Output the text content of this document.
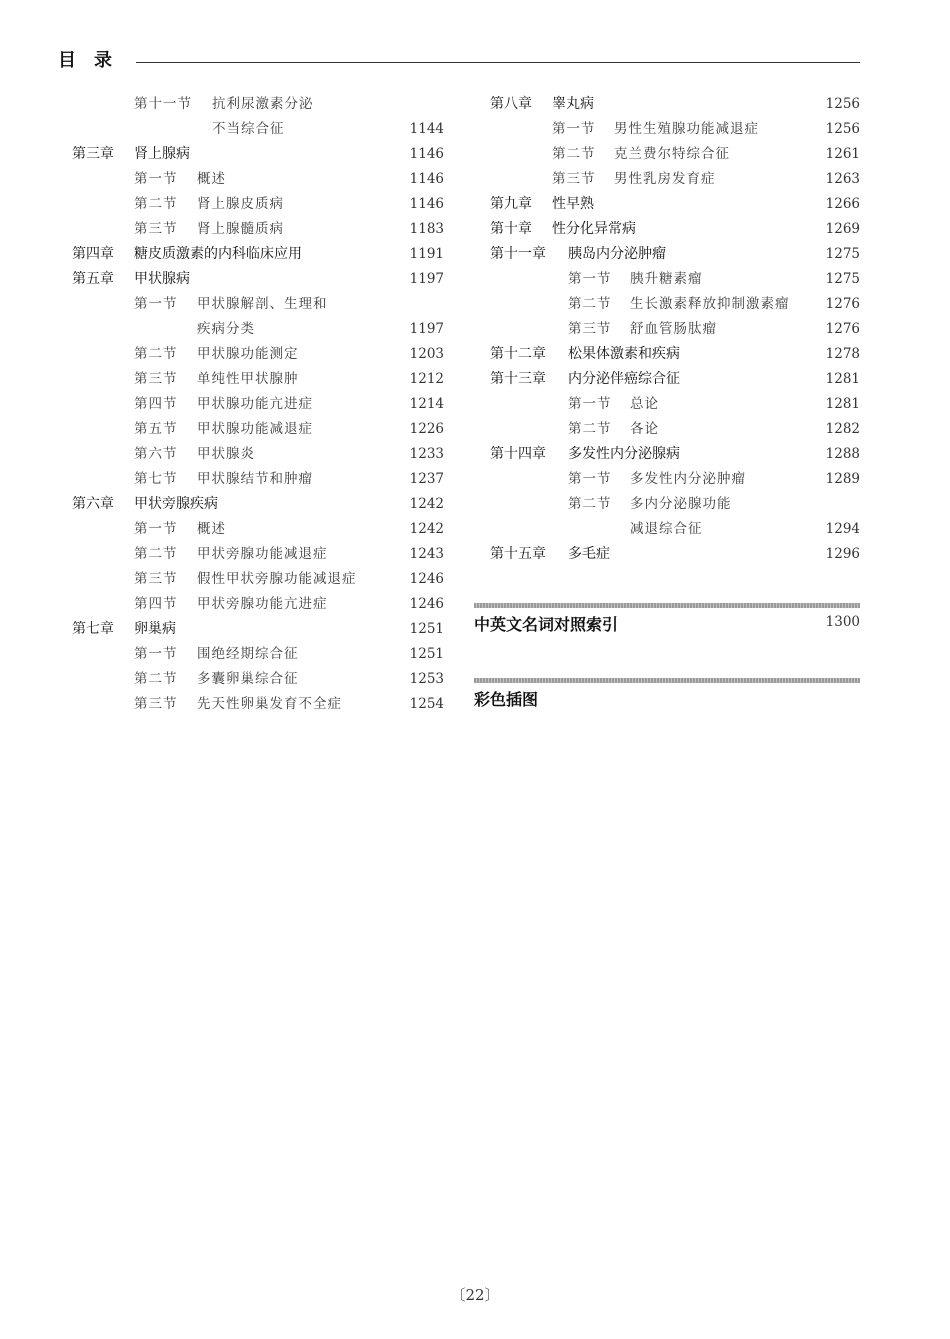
目　录
第十一节 抗利尿激素分泌
不当综合征	1144
第三章 肾上腺病	1146
第一节 概述	1146
第二节 肾上腺皮质病	1146
第三节 肾上腺髓质病	1183
第四章 糖皮质激素的内科临床应用	1191
第五章 甲状腺病	1197
第一节 甲状腺解剖、生理和
疾病分类	1197
第二节 甲状腺功能测定	1203
第三节 单纯性甲状腺肿	1212
第四节 甲状腺功能亢进症	1214
第五节 甲状腺功能减退症	1226
第六节 甲状腺炎	1233
第七节 甲状腺结节和肿瘤	1237
第六章 甲状旁腺疾病	1242
第一节 概述	1242
第二节 甲状旁腺功能减退症	1243
第三节 假性甲状旁腺功能减退症	1246
第四节 甲状旁腺功能亢进症	1246
第七章 卵巢病	1251
第一节 围绝经期综合征	1251
第二节 多囊卵巢综合征	1253
第三节 先天性卵巢发育不全症	1254
第八章 睾丸病	1256
第一节 男性生殖腺功能减退症	1256
第二节 克兰费尔特综合征	1261
第三节 男性乳房发育症	1263
第九章 性早熟	1266
第十章 性分化异常病	1269
第十一章 胰岛内分泌肿瘤	1275
第一节 胰升糖素瘤	1275
第二节 生长激素释放抑制激素瘤	1276
第三节 舒血管肠肽瘤	1276
第十二章 松果体激素和疾病	1278
第十三章 内分泌伴癌综合征	1281
第一节 总论	1281
第二节 各论	1282
第十四章 多发性内分泌腺病	1288
第一节 多发性内分泌肿瘤	1289
第二节 多内分泌腺功能
减退综合征	1294
第十五章 多毛症	1296
中英文名词对照索引	1300
彩色插图
〔22〕
